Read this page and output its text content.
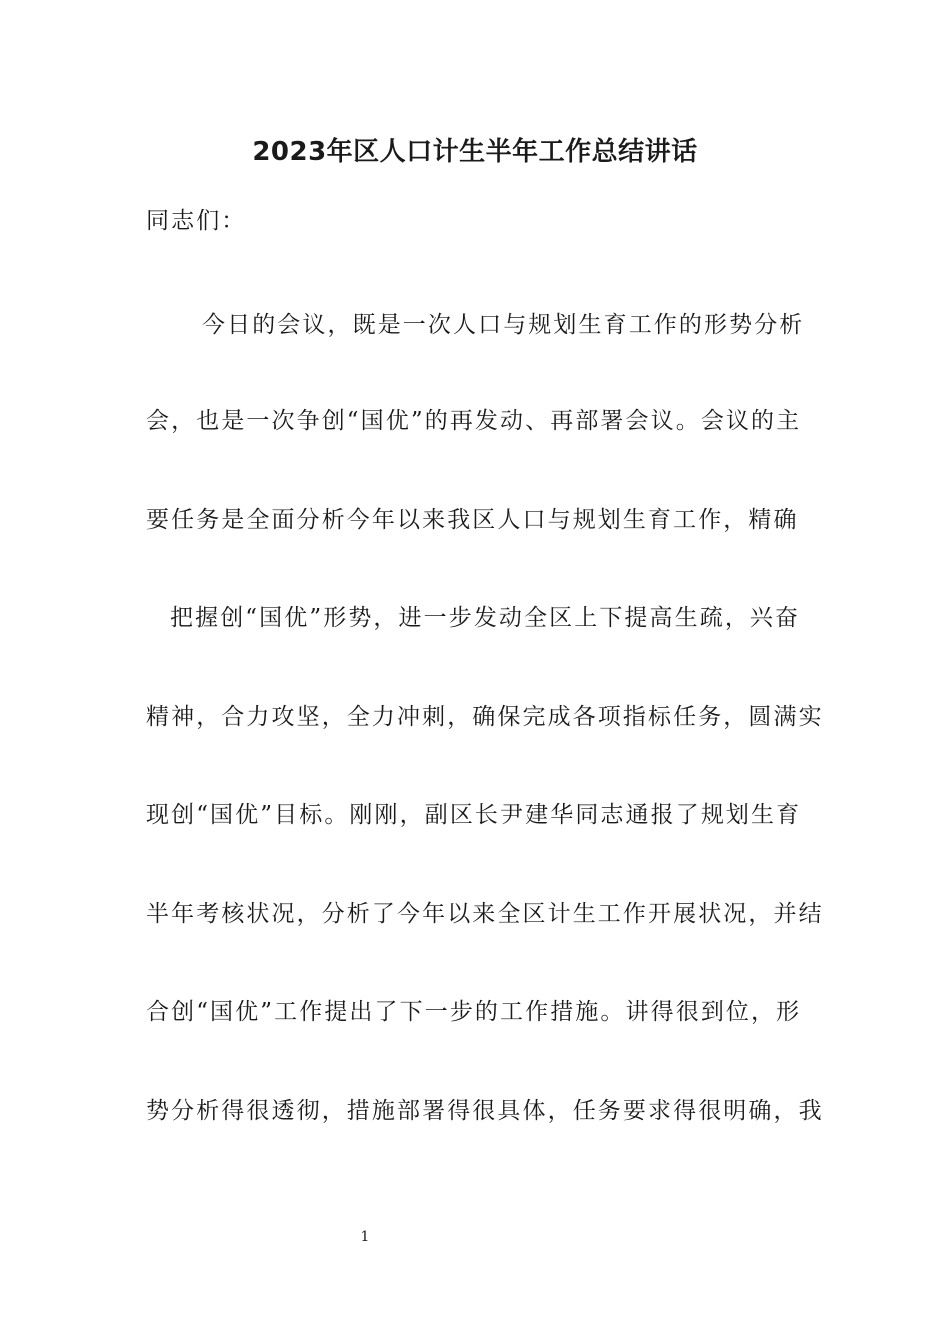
2023年区人口计生半年工作总结讲话
同志们：
今日的会议，既是一次人口与规划生育工作的形势分析
会，也是一次争创“国优”的再发动、再部署会议。会议的主
要任务是全面分析今年以来我区人口与规划生育工作，精确
把握创“国优”形势，进一步发动全区上下提高生疏，兴奋
精神，合力攻坚，全力冲刺，确保完成各项指标任务，圆满实
现创“国优”目标。刚刚，副区长尹建华同志通报了规划生育
半年考核状况，分析了今年以来全区计生工作开展状况，并结
合创“国优”工作提出了下一步的工作措施。讲得很到位，形
势分析得很透彻，措施部署得很具体，任务要求得很明确，我
1
